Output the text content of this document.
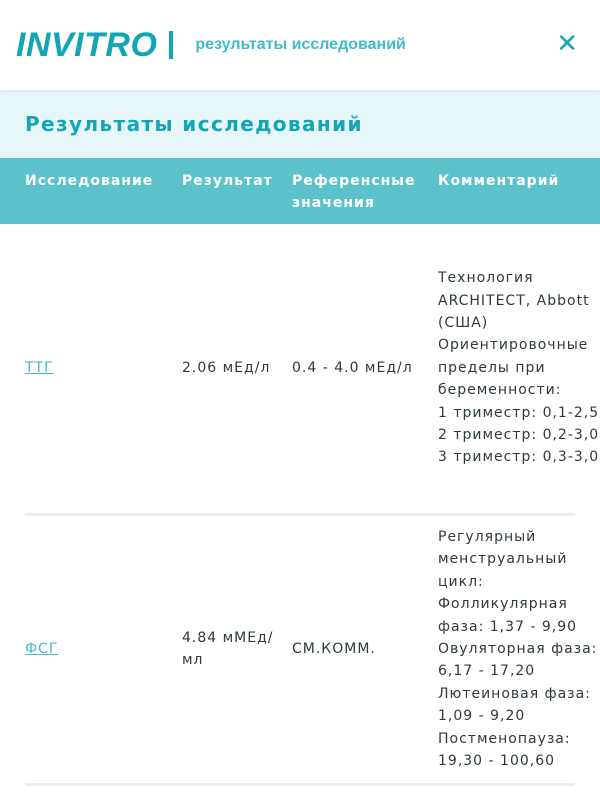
INVITRO результаты исследований	✕
Результаты исследований
Исследование	Результат	Референсные значения	Комментарий
ТТГ	2.06 мЕд/л	0.4 - 4.0 мЕд/л	Технология ARCHITECT, Abbott (США)
Ориентировочные пределы при беременности:
1 триместр: 0,1-2,5
2 триместр: 0,2-3,0
3 триместр: 0,3-3,0

ФСГ	4.84 мМЕд/мл	СМ.КОММ.	Регулярный менструальный цикл:
Фолликулярная фаза: 1,37 - 9,90
Овуляторная фаза: 6,17 - 17,20
Лютеиновая фаза: 1,09 - 9,20
Постменопауза: 19,30 - 100,60
